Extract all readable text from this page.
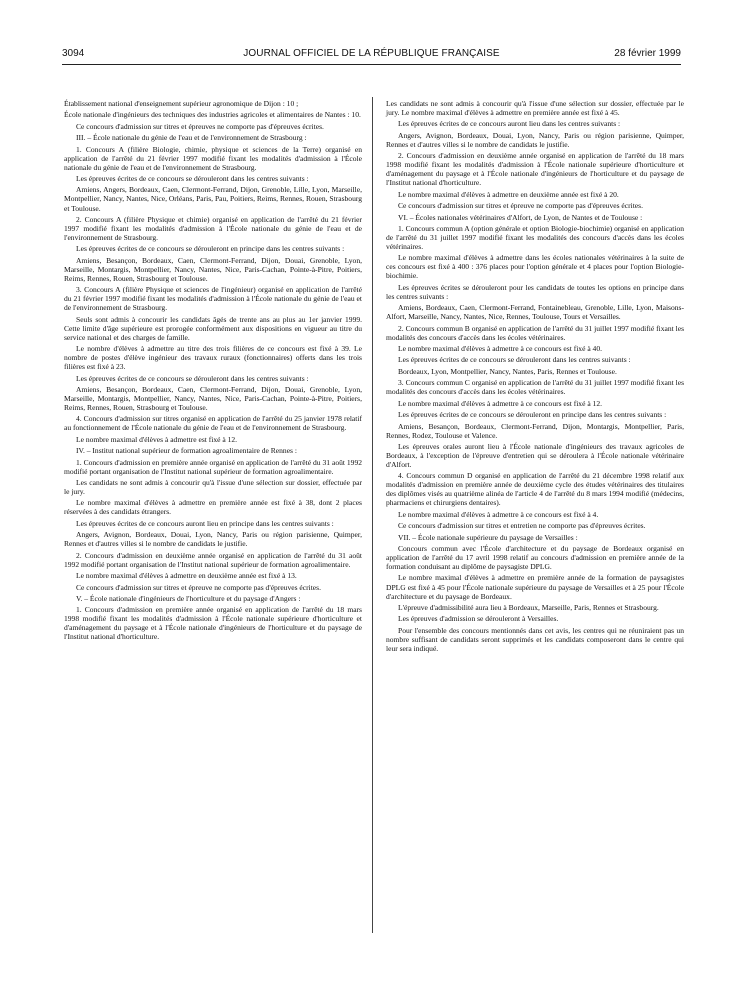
3094	JOURNAL OFFICIEL DE LA RÉPUBLIQUE FRANÇAISE	28 février 1999

Établissement national d'enseignement supérieur agronomique de Dijon : 10 ;

École nationale d'ingénieurs des techniques des industries agricoles et alimentaires de Nantes : 10.

Ce concours d'admission sur titres et épreuves ne comporte pas d'épreuves écrites.

III. – École nationale du génie de l'eau et de l'environnement de Strasbourg :

1. Concours A (filière Biologie, chimie, physique et sciences de la Terre) organisé en application de l'arrêté du 21 février 1997 modifié fixant les modalités d'admission à l'École nationale du génie de l'eau et de l'environnement de Strasbourg.

Les épreuves écrites de ce concours se dérouleront dans les centres suivants :

Amiens, Angers, Bordeaux, Caen, Clermont-Ferrand, Dijon, Grenoble, Lille, Lyon, Marseille, Montpellier, Nancy, Nantes, Nice, Orléans, Paris, Pau, Poitiers, Reims, Rennes, Rouen, Strasbourg et Toulouse.

2. Concours A (filière Physique et chimie) organisé en application de l'arrêté du 21 février 1997 modifié fixant les modalités d'admission à l'École nationale du génie de l'eau et de l'environnement de Strasbourg.

Les épreuves écrites de ce concours se dérouleront en principe dans les centres suivants :

Amiens, Besançon, Bordeaux, Caen, Clermont-Ferrand, Dijon, Douai, Grenoble, Lyon, Marseille, Montargis, Montpellier, Nancy, Nantes, Nice, Paris-Cachan, Pointe-à-Pitre, Poitiers, Reims, Rennes, Rouen, Strasbourg et Toulouse.

3. Concours A (filière Physique et sciences de l'ingénieur) organisé en application de l'arrêté du 21 février 1997 modifié fixant les modalités d'admission à l'École nationale du génie de l'eau et de l'environnement de Strasbourg.

Seuls sont admis à concourir les candidats âgés de trente ans au plus au 1er janvier 1999. Cette limite d'âge supérieure est prorogée conformément aux dispositions en vigueur au titre du service national et des charges de famille.

Le nombre d'élèves à admettre au titre des trois filières de ce concours est fixé à 39. Le nombre de postes d'élève ingénieur des travaux ruraux (fonctionnaires) offerts dans les trois filières est fixé à 23.

Les épreuves écrites de ce concours se dérouleront dans les centres suivants :

Amiens, Besançon, Bordeaux, Caen, Clermont-Ferrand, Dijon, Douai, Grenoble, Lyon, Marseille, Montargis, Montpellier, Nancy, Nantes, Nice, Paris-Cachan, Pointe-à-Pitre, Poitiers, Reims, Rennes, Rouen, Strasbourg et Toulouse.

4. Concours d'admission sur titres organisé en application de l'arrêté du 25 janvier 1978 relatif au fonctionnement de l'École nationale du génie de l'eau et de l'environnement de Strasbourg.

Le nombre maximal d'élèves à admettre est fixé à 12.

IV. – Institut national supérieur de formation agroalimentaire de Rennes :

1. Concours d'admission en première année organisé en application de l'arrêté du 31 août 1992 modifié portant organisation de l'Institut national supérieur de formation agroalimentaire.

Les candidats ne sont admis à concourir qu'à l'issue d'une sélection sur dossier, effectuée par le jury.

Le nombre maximal d'élèves à admettre en première année est fixé à 38, dont 2 places réservées à des candidats étrangers.

Les épreuves écrites de ce concours auront lieu en principe dans les centres suivants :

Angers, Avignon, Bordeaux, Douai, Lyon, Nancy, Paris ou région parisienne, Quimper, Rennes et d'autres villes si le nombre de candidats le justifie.

2. Concours d'admission en deuxième année organisé en application de l'arrêté du 31 août 1992 modifié portant organisation de l'Institut national supérieur de formation agroalimentaire.

Le nombre maximal d'élèves à admettre en deuxième année est fixé à 13.

Ce concours d'admission sur titres et épreuve ne comporte pas d'épreuves écrites.

V. – École nationale d'ingénieurs de l'horticulture et du paysage d'Angers :

1. Concours d'admission en première année organisé en application de l'arrêté du 18 mars 1998 modifié fixant les modalités d'admission à l'École nationale supérieure d'horticulture et d'aménagement du paysage et à l'École nationale d'ingénieurs de l'horticulture et du paysage de l'Institut national d'horticulture.

Les candidats ne sont admis à concourir qu'à l'issue d'une sélection sur dossier, effectuée par le jury. Le nombre maximal d'élèves à admettre en première année est fixé à 45.

Les épreuves écrites de ce concours auront lieu dans les centres suivants :

Angers, Avignon, Bordeaux, Douai, Lyon, Nancy, Paris ou région parisienne, Quimper, Rennes et d'autres villes si le nombre de candidats le justifie.

2. Concours d'admission en deuxième année organisé en application de l'arrêté du 18 mars 1998 modifié fixant les modalités d'admission à l'École nationale supérieure d'horticulture et d'aménagement du paysage et à l'École nationale d'ingénieurs de l'horticulture et du paysage de l'Institut national d'horticulture.

Le nombre maximal d'élèves à admettre en deuxième année est fixé à 20.

Ce concours d'admission sur titres et épreuve ne comporte pas d'épreuves écrites.

VI. – Écoles nationales vétérinaires d'Alfort, de Lyon, de Nantes et de Toulouse :

1. Concours commun A (option générale et option Biologie-biochimie) organisé en application de l'arrêté du 31 juillet 1997 modifié fixant les modalités des concours d'accès dans les écoles vétérinaires.

Le nombre maximal d'élèves à admettre dans les écoles nationales vétérinaires à la suite de ces concours est fixé à 400 : 376 places pour l'option générale et 4 places pour l'option Biologie-biochimie.

Les épreuves écrites se dérouleront pour les candidats de toutes les options en principe dans les centres suivants :

Amiens, Bordeaux, Caen, Clermont-Ferrand, Fontainebleau, Grenoble, Lille, Lyon, Maisons-Alfort, Marseille, Nancy, Nantes, Nice, Rennes, Toulouse, Tours et Versailles.

2. Concours commun B organisé en application de l'arrêté du 31 juillet 1997 modifié fixant les modalités des concours d'accès dans les écoles vétérinaires.

Le nombre maximal d'élèves à admettre à ce concours est fixé à 40.

Les épreuves écrites de ce concours se dérouleront dans les centres suivants :

Bordeaux, Lyon, Montpellier, Nancy, Nantes, Paris, Rennes et Toulouse.

3. Concours commun C organisé en application de l'arrêté du 31 juillet 1997 modifié fixant les modalités des concours d'accès dans les écoles vétérinaires.

Le nombre maximal d'élèves à admettre à ce concours est fixé à 12.

Les épreuves écrites de ce concours se dérouleront en principe dans les centres suivants :

Amiens, Besançon, Bordeaux, Clermont-Ferrand, Dijon, Montargis, Montpellier, Paris, Rennes, Rodez, Toulouse et Valence.

Les épreuves orales auront lieu à l'École nationale d'ingénieurs des travaux agricoles de Bordeaux, à l'exception de l'épreuve d'entretien qui se déroulera à l'École nationale vétérinaire d'Alfort.

4. Concours commun D organisé en application de l'arrêté du 21 décembre 1998 relatif aux modalités d'admission en première année de deuxième cycle des études vétérinaires des titulaires des diplômes visés au quatrième alinéa de l'article 4 de l'arrêté du 8 mars 1994 modifié (médecins, pharmaciens et chirurgiens dentaires).

Le nombre maximal d'élèves à admettre à ce concours est fixé à 4.

Ce concours d'admission sur titres et entretien ne comporte pas d'épreuves écrites.

VII. – École nationale supérieure du paysage de Versailles :

Concours commun avec l'École d'architecture et du paysage de Bordeaux organisé en application de l'arrêté du 17 avril 1998 relatif au concours d'admission en première année de la formation conduisant au diplôme de paysagiste DPLG.

Le nombre maximal d'élèves à admettre en première année de la formation de paysagistes DPLG est fixé à 45 pour l'École nationale supérieure du paysage de Versailles et à 25 pour l'École d'architecture et du paysage de Bordeaux.

L'épreuve d'admissibilité aura lieu à Bordeaux, Marseille, Paris, Rennes et Strasbourg.

Les épreuves d'admission se dérouleront à Versailles.

Pour l'ensemble des concours mentionnés dans cet avis, les centres qui ne réuniraient pas un nombre suffisant de candidats seront supprimés et les candidats composeront dans le centre qui leur sera indiqué.
